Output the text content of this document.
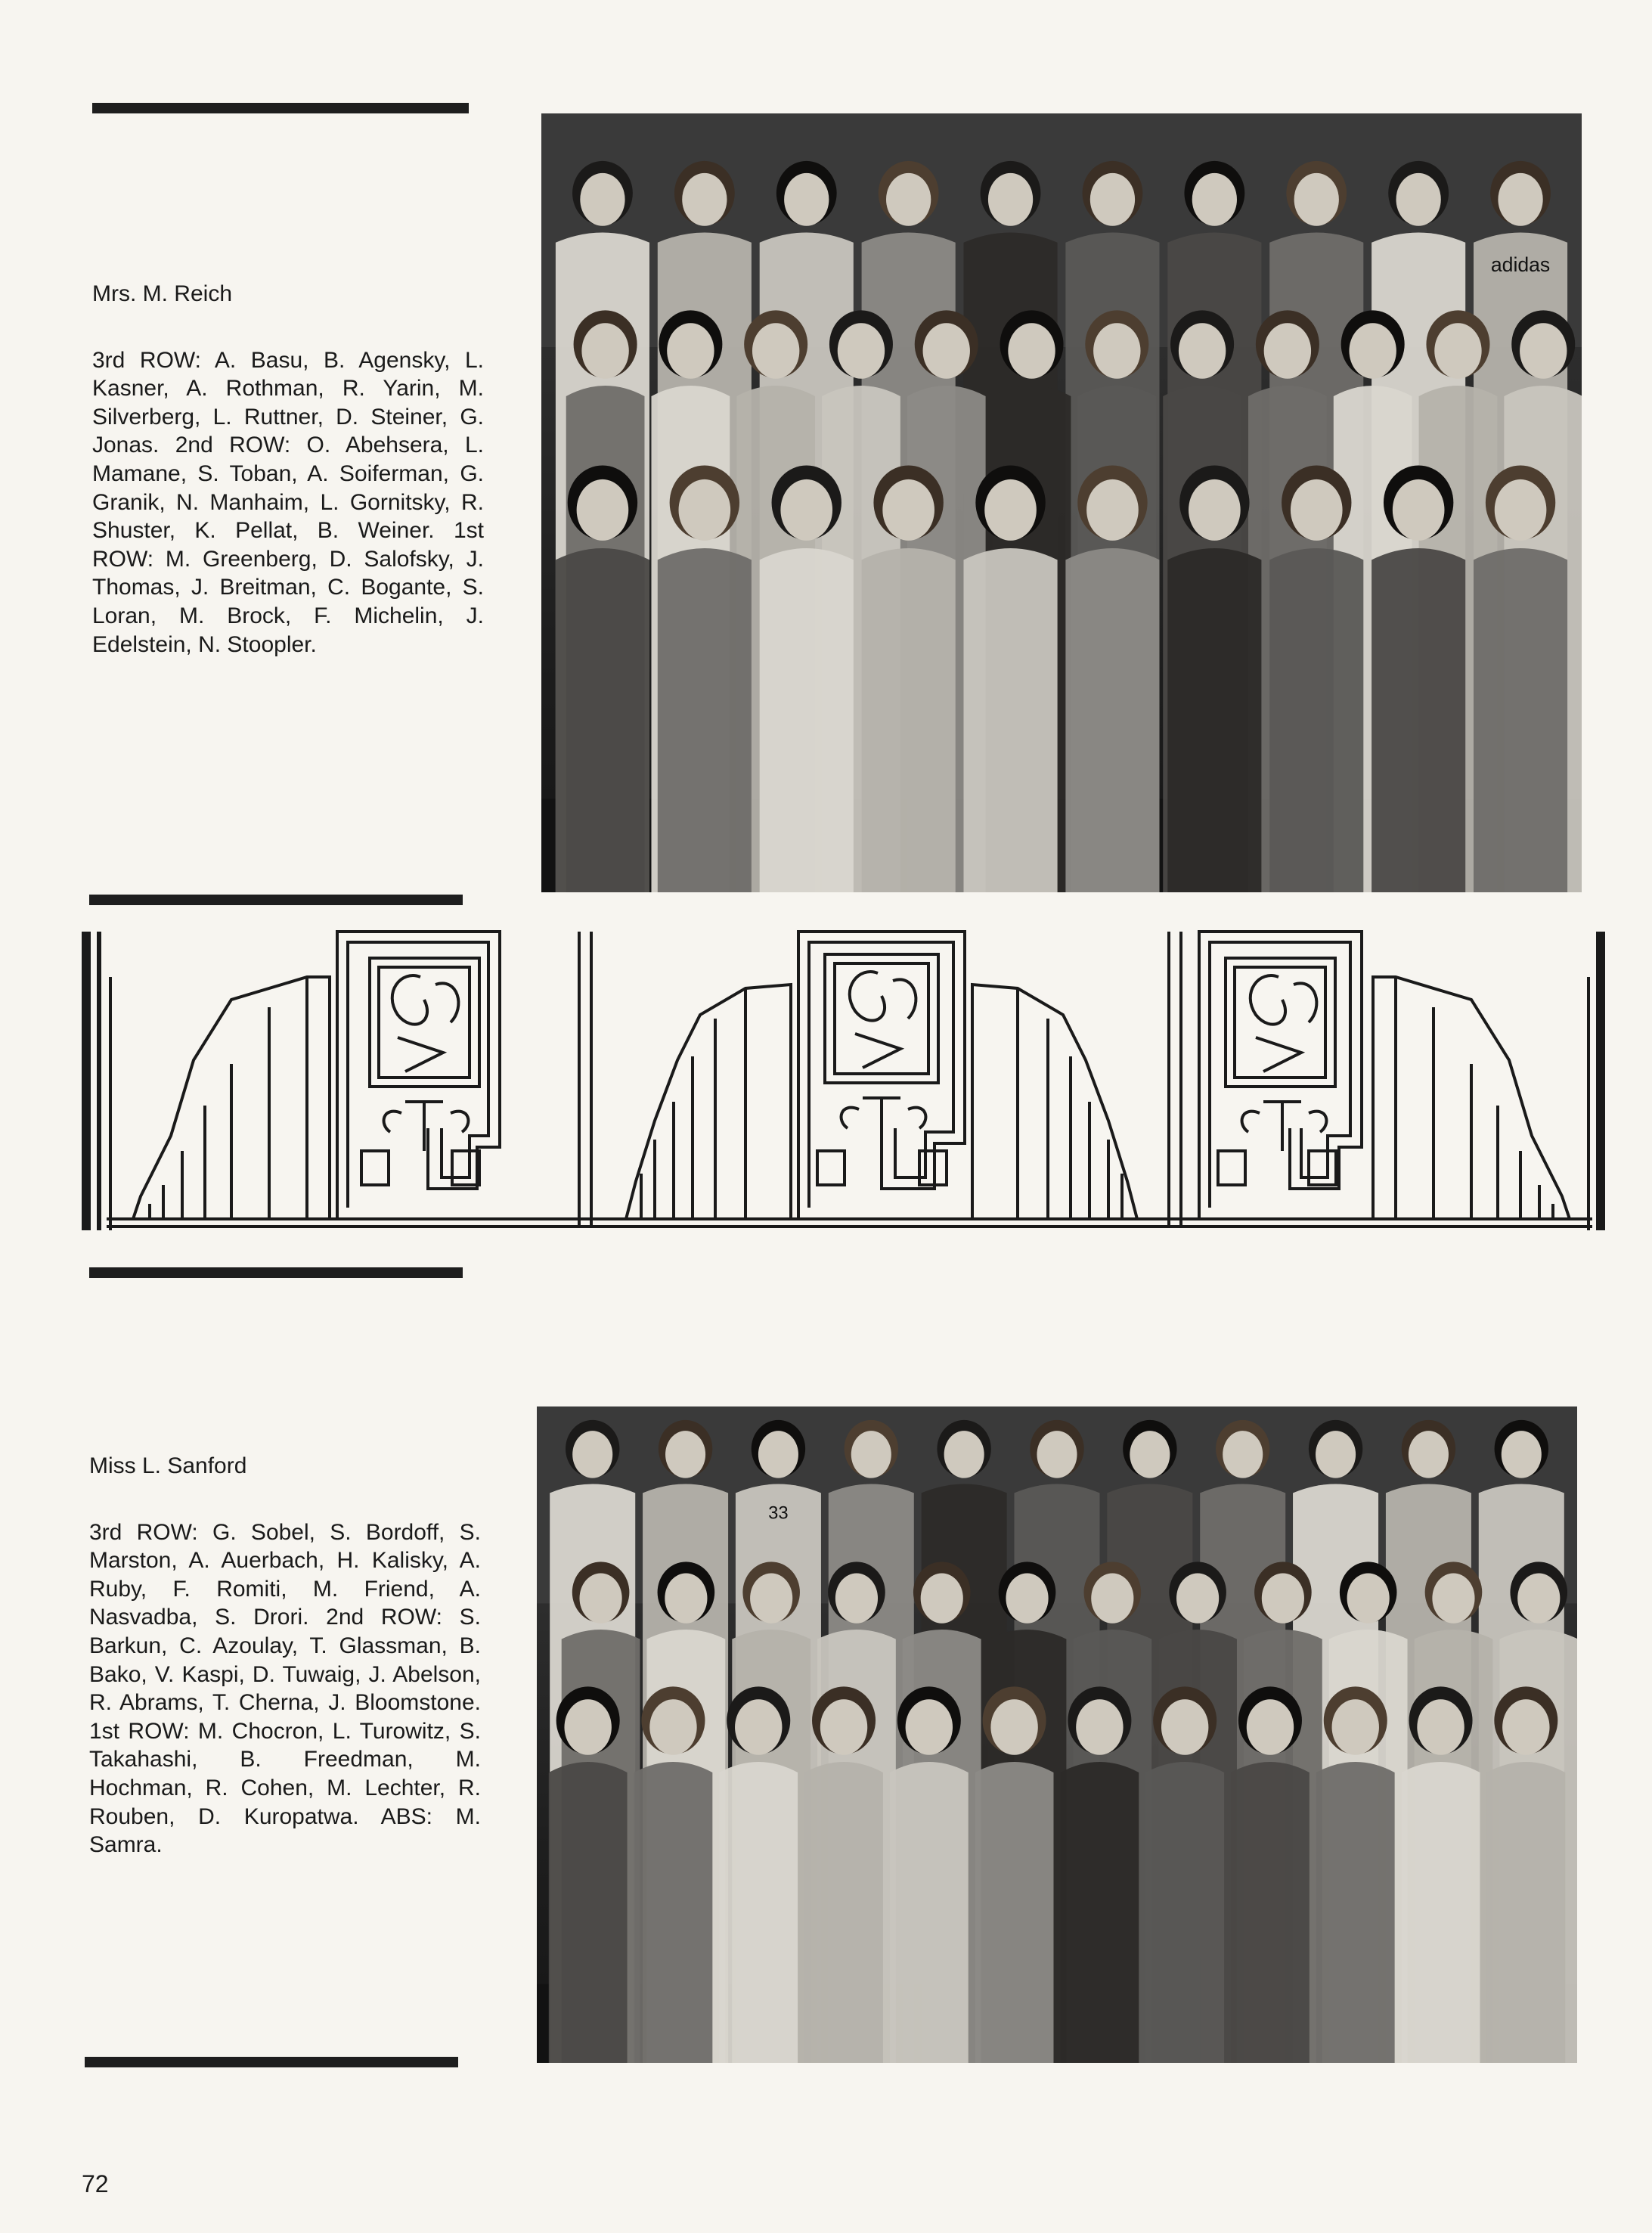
Mrs. M. Reich

3rd ROW: A. Basu, B. Agensky, L. Kasner, A. Rothman, R. Yarin, M. Silverberg, L. Ruttner, D. Steiner, G. Jonas. 2nd ROW: O. Abehsera, L. Mamane, S. Toban, A. Soiferman, G. Granik, N. Manhaim, L. Gornitsky, R. Shuster, K. Pellat, B. Weiner. 1st ROW: M. Greenberg, D. Salofsky, J. Thomas, J. Breitman, C. Bogante, S. Loran, M. Brock, F. Michelin, J. Edelstein, N. Stoopler.

adidas

Miss L. Sanford

3rd ROW: G. Sobel, S. Bordoff, S. Marston, A. Auerbach, H. Kalisky, A. Ruby, F. Romiti, M. Friend, A. Nasvadba, S. Drori. 2nd ROW: S. Barkun, C. Azoulay, T. Glassman, B. Bako, V. Kaspi, D. Tuwaig, J. Abelson, R. Abrams, T. Cherna, J. Bloomstone. 1st ROW: M. Chocron, L. Turowitz, S. Takahashi, B. Freedman, M. Hochman, R. Cohen, M. Lechter, R. Rouben, D. Kuropatwa. ABS: M. Samra.

33
72
